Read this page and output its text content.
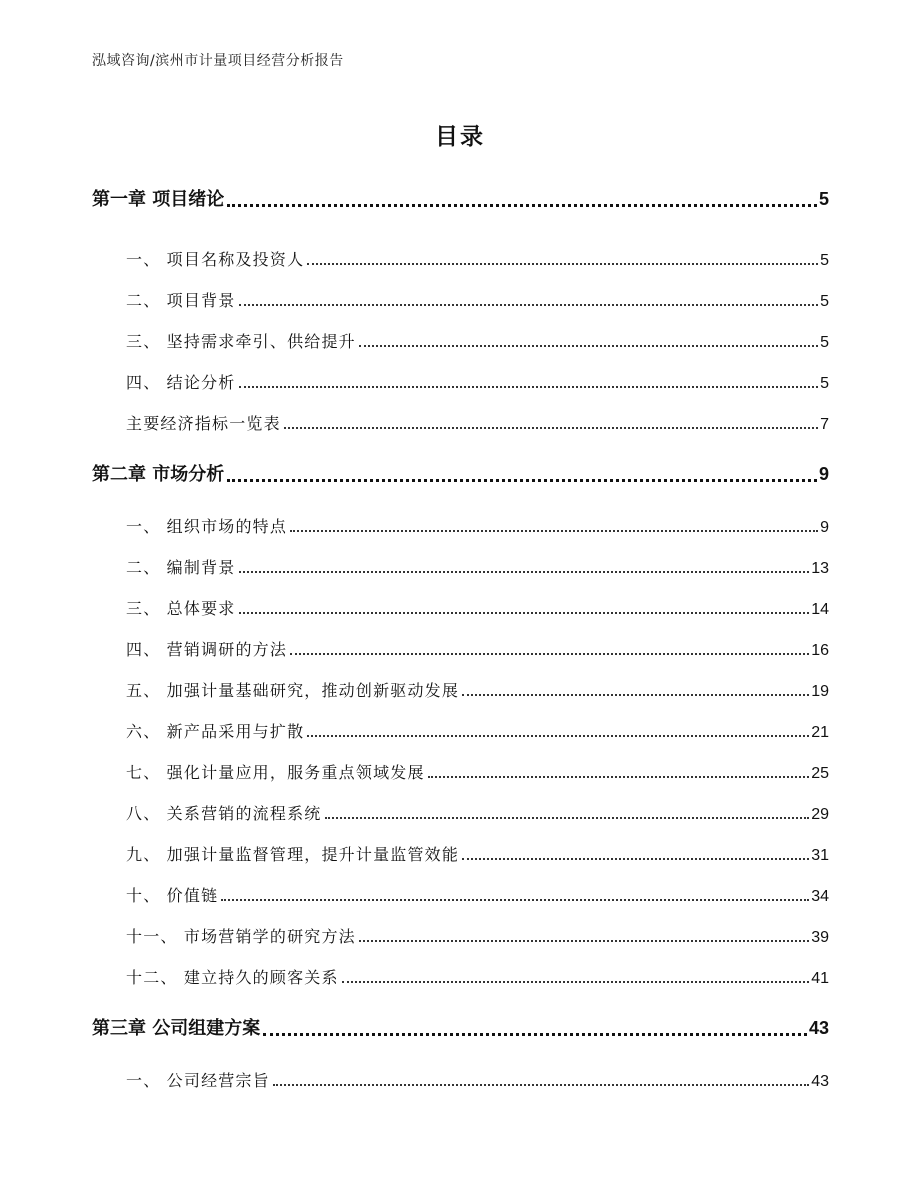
泓域咨询/滨州市计量项目经营分析报告
目录
第一章 项目绪论	5
一、 项目名称及投资人	5
二、 项目背景	5
三、 坚持需求牵引、供给提升	5
四、 结论分析	5
主要经济指标一览表	7
第二章 市场分析	9
一、 组织市场的特点	9
二、 编制背景	13
三、 总体要求	14
四、 营销调研的方法	16
五、 加强计量基础研究，推动创新驱动发展	19
六、 新产品采用与扩散	21
七、 强化计量应用，服务重点领域发展	25
八、 关系营销的流程系统	29
九、 加强计量监督管理，提升计量监管效能	31
十、 价值链	34
十一、 市场营销学的研究方法	39
十二、 建立持久的顾客关系	41
第三章 公司组建方案	43
一、 公司经营宗旨	43
